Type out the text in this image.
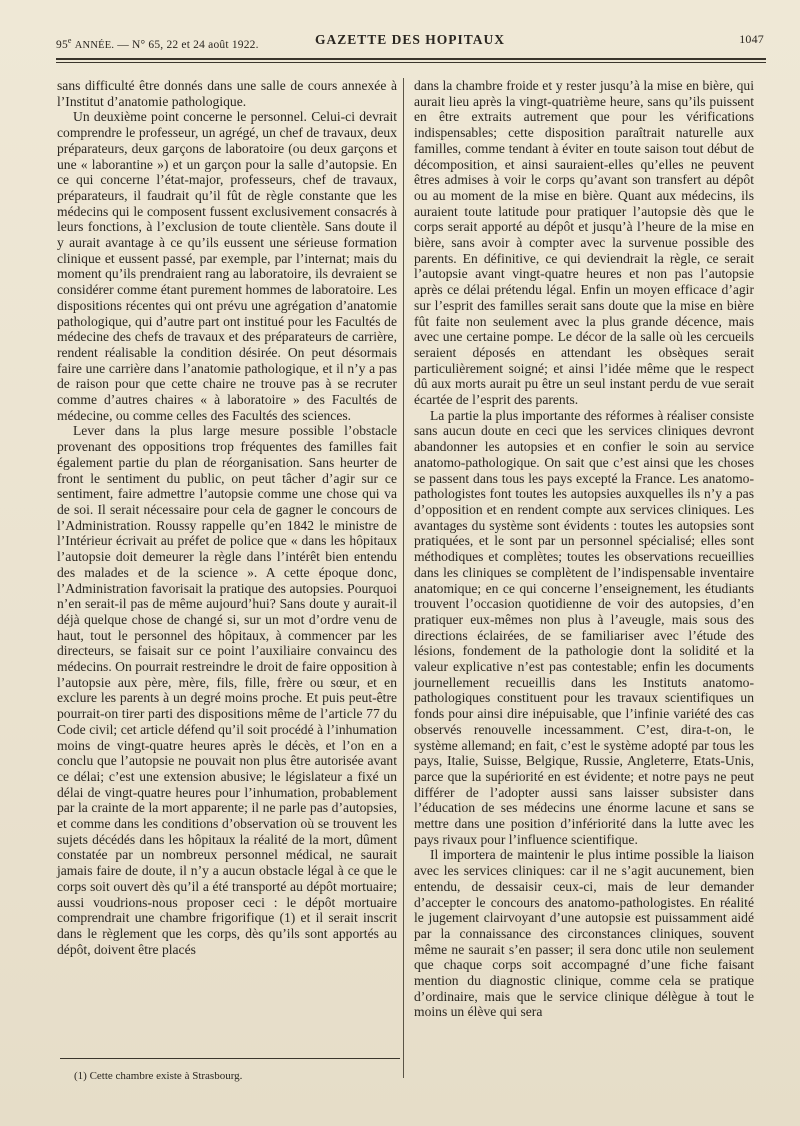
95e ANNÉE. — N° 65, 22 et 24 août 1922.	GAZETTE DES HOPITAUX	1047

sans difficulté être donnés dans une salle de cours annexée à l’Institut d’anatomie pathologique.

Un deuxième point concerne le personnel. Celui-ci devrait comprendre le professeur, un agrégé, un chef de travaux, deux préparateurs, deux garçons de laboratoire (ou deux garçons et une « laborantine ») et un garçon pour la salle d’autopsie. En ce qui concerne l’état-major, professeurs, chef de travaux, préparateurs, il faudrait qu’il fût de règle constante que les médecins qui le composent fussent exclusivement consacrés à leurs fonctions, à l’exclusion de toute clientèle. Sans doute il y aurait avantage à ce qu’ils eussent une sérieuse formation clinique et eussent passé, par exemple, par l’internat; mais du moment qu’ils prendraient rang au laboratoire, ils devraient se considérer comme étant purement hommes de laboratoire. Les dispositions récentes qui ont prévu une agrégation d’anatomie pathologique, qui d’autre part ont institué pour les Facultés de médecine des chefs de travaux et des préparateurs de carrière, rendent réalisable la condition désirée. On peut désormais faire une carrière dans l’anatomie pathologique, et il n’y a pas de raison pour que cette chaire ne trouve pas à se recruter comme d’autres chaires « à laboratoire » des Facultés de médecine, ou comme celles des Facultés des sciences.

Lever dans la plus large mesure possible l’obstacle provenant des oppositions trop fréquentes des familles fait également partie du plan de réorganisation. Sans heurter de front le sentiment du public, on peut tâcher d’agir sur ce sentiment, faire admettre l’autopsie comme une chose qui va de soi. Il serait nécessaire pour cela de gagner le concours de l’Administration. Roussy rappelle qu’en 1842 le ministre de l’Intérieur écrivait au préfet de police que « dans les hôpitaux l’autopsie doit demeurer la règle dans l’intérêt bien entendu des malades et de la science ». A cette époque donc, l’Administration favorisait la pratique des autopsies. Pourquoi n’en serait-il pas de même aujourd’hui? Sans doute y aurait-il déjà quelque chose de changé si, sur un mot d’ordre venu de haut, tout le personnel des hôpitaux, à commencer par les directeurs, se faisait sur ce point l’auxiliaire convaincu des médecins. On pourrait restreindre le droit de faire opposition à l’autopsie aux père, mère, fils, fille, frère ou sœur, et en exclure les parents à un degré moins proche. Et puis peut-être pourrait-on tirer parti des dispositions même de l’article 77 du Code civil; cet article défend qu’il soit procédé à l’inhumation moins de vingt-quatre heures après le décès, et l’on en a conclu que l’autopsie ne pouvait non plus être autorisée avant ce délai; c’est une extension abusive; le législateur a fixé un délai de vingt-quatre heures pour l’inhumation, probablement par la crainte de la mort apparente; il ne parle pas d’autopsies, et comme dans les conditions d’observation où se trouvent les sujets décédés dans les hôpitaux la réalité de la mort, dûment constatée par un nombreux personnel médical, ne saurait jamais faire de doute, il n’y a aucun obstacle légal à ce que le corps soit ouvert dès qu’il a été transporté au dépôt mortuaire; aussi voudrions-nous proposer ceci : le dépôt mortuaire comprendrait une chambre frigorifique (1) et il serait inscrit dans le règlement que les corps, dès qu’ils sont apportés au dépôt, doivent être placés

dans la chambre froide et y rester jusqu’à la mise en bière, qui aurait lieu après la vingt-quatrième heure, sans qu’ils puissent en être extraits autrement que pour les vérifications indispensables; cette disposition paraîtrait naturelle aux familles, comme tendant à éviter en toute saison tout début de décomposition, et ainsi sauraient-elles qu’elles ne peuvent êtres admises à voir le corps qu’avant son transfert au dépôt ou au moment de la mise en bière. Quant aux médecins, ils auraient toute latitude pour pratiquer l’autopsie dès que le corps serait apporté au dépôt et jusqu’à l’heure de la mise en bière, sans avoir à compter avec la survenue possible des parents. En définitive, ce qui deviendrait la règle, ce serait l’autopsie avant vingt-quatre heures et non pas l’autopsie après ce délai prétendu légal. Enfin un moyen efficace d’agir sur l’esprit des familles serait sans doute que la mise en bière fût faite non seulement avec la plus grande décence, mais avec une certaine pompe. Le décor de la salle où les cercueils seraient déposés en attendant les obsèques serait particulièrement soigné; et ainsi l’idée même que le respect dû aux morts aurait pu être un seul instant perdu de vue serait écartée de l’esprit des parents.

La partie la plus importante des réformes à réaliser consiste sans aucun doute en ceci que les services cliniques devront abandonner les autopsies et en confier le soin au service anatomo-pathologique. On sait que c’est ainsi que les choses se passent dans tous les pays excepté la France. Les anatomo-pathologistes font toutes les autopsies auxquelles ils n’y a pas d’opposition et en rendent compte aux services cliniques. Les avantages du système sont évidents : toutes les autopsies sont pratiquées, et le sont par un personnel spécialisé; elles sont méthodiques et complètes; toutes les observations recueillies dans les cliniques se complètent de l’indispensable inventaire anatomique; en ce qui concerne l’enseignement, les étudiants trouvent l’occasion quotidienne de voir des autopsies, d’en pratiquer eux-mêmes non plus à l’aveugle, mais sous des directions éclairées, de se familiariser avec l’étude des lésions, fondement de la pathologie dont la solidité et la valeur explicative n’est pas contestable; enfin les documents journellement recueillis dans les Instituts anatomo-pathologiques constituent pour les travaux scientifiques un fonds pour ainsi dire inépuisable, que l’infinie variété des cas observés renouvelle incessamment. C’est, dira-t-on, le système allemand; en fait, c’est le système adopté par tous les pays, Italie, Suisse, Belgique, Russie, Angleterre, Etats-Unis, parce que la supériorité en est évidente; et notre pays ne peut différer de l’adopter aussi sans laisser subsister dans l’éducation de ses médecins une énorme lacune et sans se mettre dans une position d’infériorité dans la lutte avec les pays rivaux pour l’influence scientifique.

Il importera de maintenir le plus intime possible la liaison avec les services cliniques: car il ne s’agit aucunement, bien entendu, de dessaisir ceux-ci, mais de leur demander d’accepter le concours des anatomo-pathologistes. En réalité le jugement clairvoyant d’une autopsie est puissamment aidé par la connaissance des circonstances cliniques, souvent même ne saurait s’en passer; il sera donc utile non seulement que chaque corps soit accompagné d’une fiche faisant mention du diagnostic clinique, comme cela se pratique d’ordinaire, mais que le service clinique délègue à tout le moins un élève qui sera

(1) Cette chambre existe à Strasbourg.
